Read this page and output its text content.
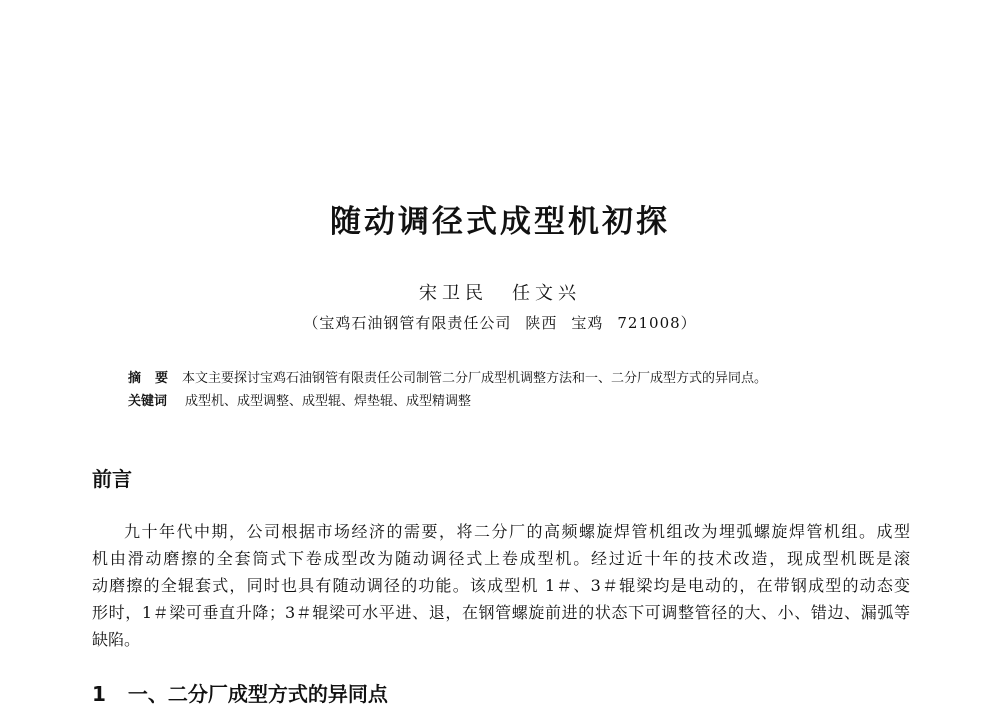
随动调径式成型机初探
宋卫民 任文兴
（宝鸡石油钢管有限责任公司 陕西 宝鸡 721008）
摘要本文主要探讨宝鸡石油钢管有限责任公司制管二分厂成型机调整方法和一、二分厂成型方式的异同点。
关键词 成型机、成型调整、成型辊、焊垫辊、成型精调整
前言
九十年代中期，公司根据市场经济的需要，将二分厂的高频螺旋焊管机组改为埋弧螺旋焊管机组。成型
机由滑动磨擦的全套筒式下卷成型改为随动调径式上卷成型机。经过近十年的技术改造，现成型机既是滚
动磨擦的全辊套式，同时也具有随动调径的功能。该成型机 1＃、3＃辊梁均是电动的，在带钢成型的动态变
形时，1＃梁可垂直升降；3＃辊梁可水平进、退，在钢管螺旋前进的状态下可调整管径的大、小、错边、漏弧等
缺陷。
1 一、二分厂成型方式的异同点
